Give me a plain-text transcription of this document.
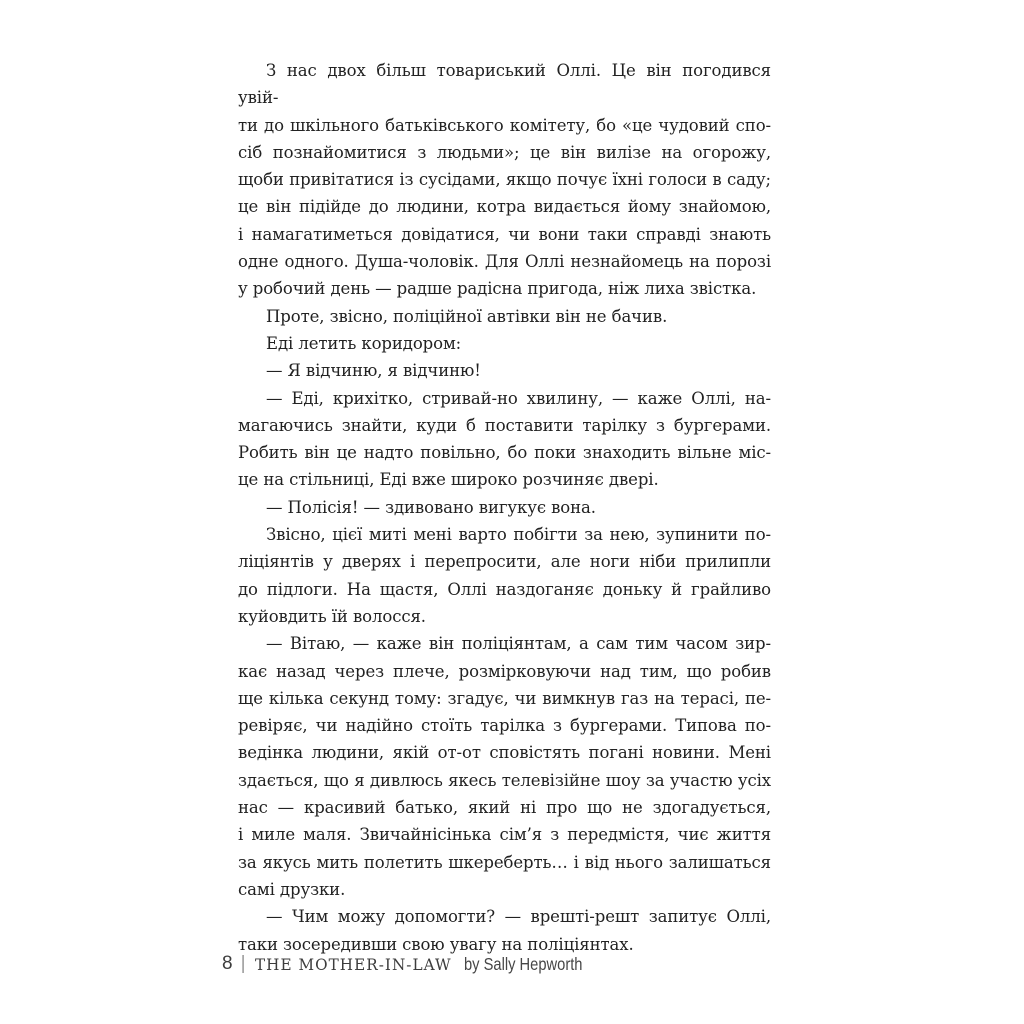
З нас двох більш товариський Оллі. Це він погодився увій-
ти до шкільного батьківського комітету, бо «це чудовий спо-
сіб познайомитися з людьми»; це він вилізе на огорожу,
щоби привітатися із сусідами, якщо почує їхні голоси в саду;
це він підійде до людини, котра видається йому знайомою,
і намагатиметься довідатися, чи вони таки справді знають
одне одного. Душа-чоловік. Для Оллі незнайомець на порозі
у робочий день — радше радісна пригода, ніж лиха звістка.
Проте, звісно, поліційної автівки він не бачив.
Еді летить коридором:
— Я відчиню, я відчиню!
— Еді, крихітко, стривай-но хвилину, — каже Оллі, на-
магаючись знайти, куди б поставити тарілку з бургерами.
Робить він це надто повільно, бо поки знаходить вільне міс-
це на стільниці, Еді вже широко розчиняє двері.
— Полісія! — здивовано вигукує вона.
Звісно, цієї миті мені варто побігти за нею, зупинити по-
ліціянтів у дверях і перепросити, але ноги ніби прилипли
до підлоги. На щастя, Оллі наздоганяє доньку й грайливо
куйовдить їй волосся.
— Вітаю, — каже він поліціянтам, а сам тим часом зир-
кає назад через плече, розмірковуючи над тим, що робив
ще кілька секунд тому: згадує, чи вимкнув газ на терасі, пе-
ревіряє, чи надійно стоїть тарілка з бургерами. Типова по-
ведінка людини, якій от-от сповістять погані новини. Мені
здається, що я дивлюсь якесь телевізійне шоу за участю усіх
нас — красивий батько, який ні про що не здогадується,
і миле маля. Звичайнісінька сім’я з передмістя, чиє життя
за якусь мить полетить шкереберть… і від нього залишаться
самі друзки.
— Чим можу допомогти? — врешті-решт запитує Оллі,
таки зосередивши свою увагу на поліціянтах.
8 | THE MOTHER-IN-LAW by Sally Hepworth
